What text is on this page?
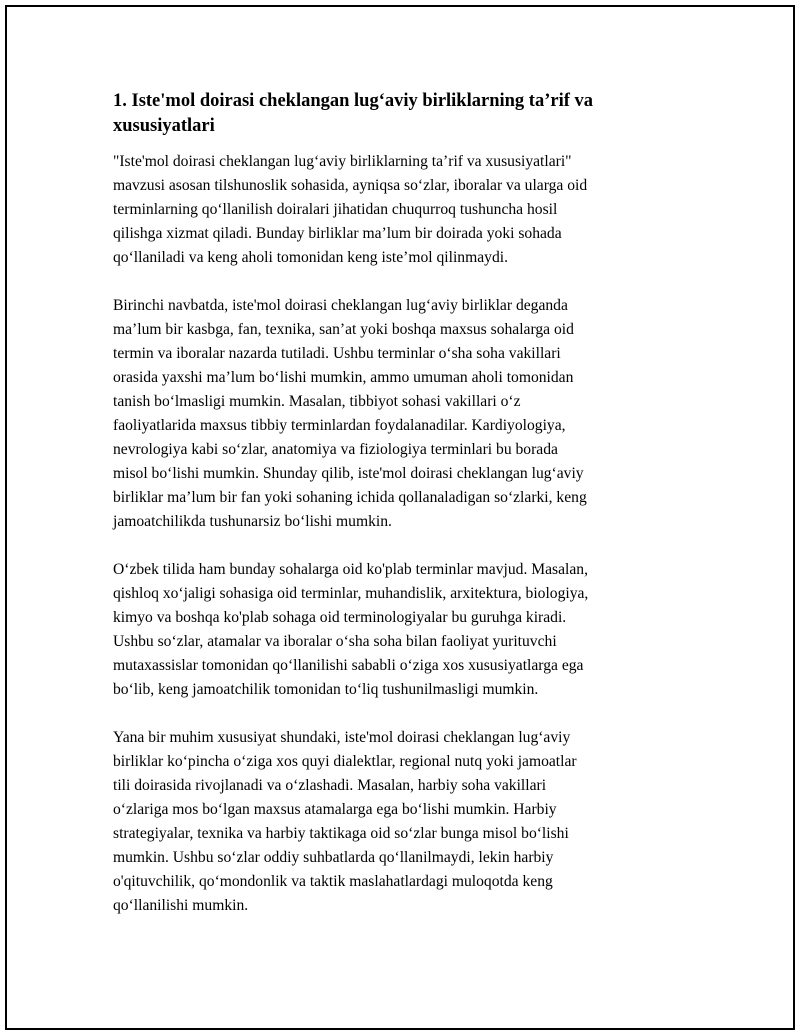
1. Iste'mol doirasi cheklangan lug‘aviy birliklarning ta’rif va xususiyatlari

"Iste'mol doirasi cheklangan lug‘aviy birliklarning ta’rif va xususiyatlari"
mavzusi asosan tilshunoslik sohasida, ayniqsa so‘zlar, iboralar va ularga oid
terminlarning qo‘llanilish doiralari jihatidan chuqurroq tushuncha hosil
qilishga xizmat qiladi. Bunday birliklar ma’lum bir doirada yoki sohada
qo‘llaniladi va keng aholi tomonidan keng iste’mol qilinmaydi.

Birinchi navbatda, iste'mol doirasi cheklangan lug‘aviy birliklar deganda
ma’lum bir kasbga, fan, texnika, san’at yoki boshqa maxsus sohalarga oid
termin va iboralar nazarda tutiladi. Ushbu terminlar o‘sha soha vakillari
orasida yaxshi ma’lum bo‘lishi mumkin, ammo umuman aholi tomonidan
tanish bo‘lmasligi mumkin. Masalan, tibbiyot sohasi vakillari o‘z
faoliyatlarida maxsus tibbiy terminlardan foydalanadilar. Kardiyologiya,
nevrologiya kabi so‘zlar, anatomiya va fiziologiya terminlari bu borada
misol bo‘lishi mumkin. Shunday qilib, iste'mol doirasi cheklangan lug‘aviy
birliklar ma’lum bir fan yoki sohaning ichida qollanaladigan so‘zlarki, keng
jamoatchilikda tushunarsiz bo‘lishi mumkin.

O‘zbek tilida ham bunday sohalarga oid ko'plab terminlar mavjud. Masalan,
qishloq xo‘jaligi sohasiga oid terminlar, muhandislik, arxitektura, biologiya,
kimyo va boshqa ko'plab sohaga oid terminologiyalar bu guruhga kiradi.
Ushbu so‘zlar, atamalar va iboralar o‘sha soha bilan faoliyat yurituvchi
mutaxassislar tomonidan qo‘llanilishi sababli o‘ziga xos xususiyatlarga ega
bo‘lib, keng jamoatchilik tomonidan to‘liq tushunilmasligi mumkin.

Yana bir muhim xususiyat shundaki, iste'mol doirasi cheklangan lug‘aviy
birliklar ko‘pincha o‘ziga xos quyi dialektlar, regional nutq yoki jamoatlar
tili doirasida rivojlanadi va o‘zlashadi. Masalan, harbiy soha vakillari
o‘zlariga mos bo‘lgan maxsus atamalarga ega bo‘lishi mumkin. Harbiy
strategiyalar, texnika va harbiy taktikaga oid so‘zlar bunga misol bo‘lishi
mumkin. Ushbu so‘zlar oddiy suhbatlarda qo‘llanilmaydi, lekin harbiy
o'qituvchilik, qo‘mondonlik va taktik maslahatlardagi muloqotda keng
qo‘llanilishi mumkin.
